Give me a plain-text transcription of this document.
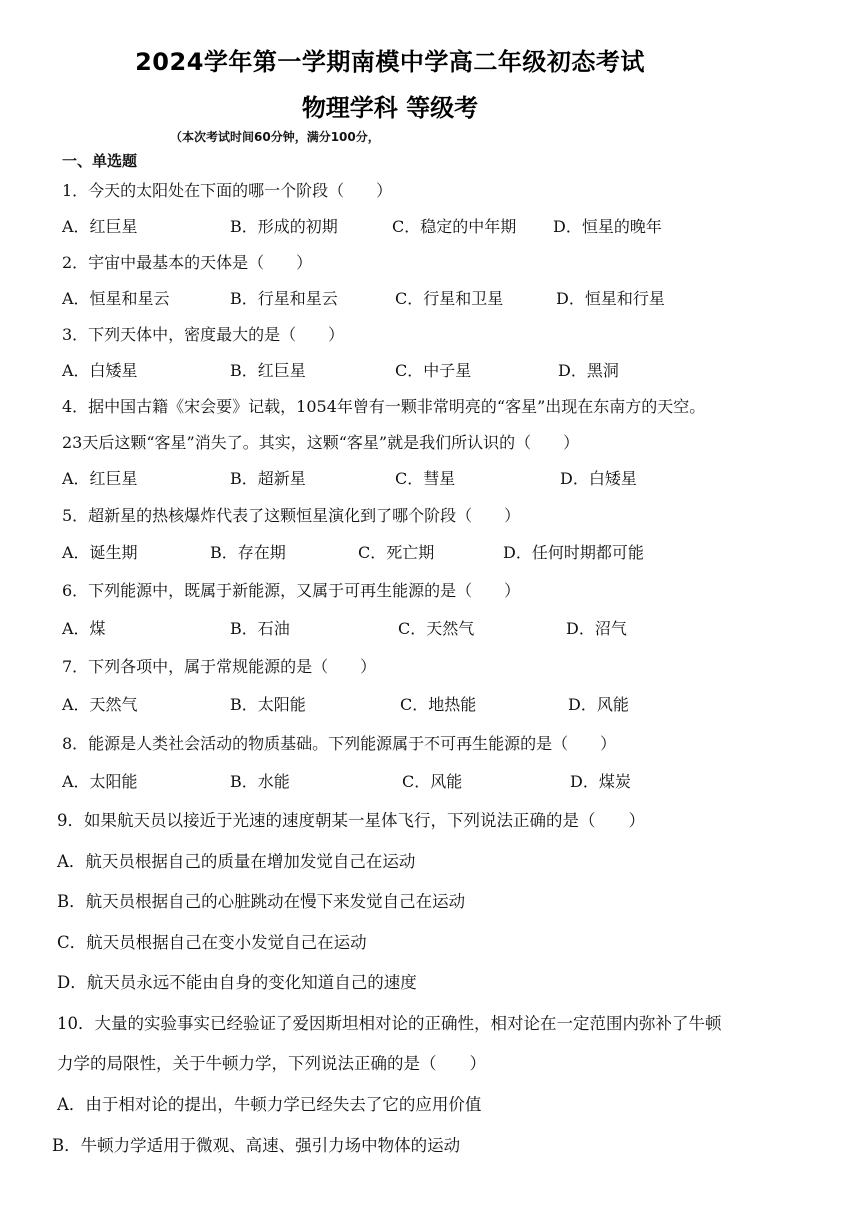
2024学年第一学期南模中学高二年级初态考试
物理学科 等级考
（本次考试时间60分钟，满分100分，
一、单选题
1．今天的太阳处在下面的哪一个阶段（　　）
A．红巨星	B．形成的初期	C．稳定的中年期 D．恒星的晚年
2．宇宙中最基本的天体是（　　）
A．恒星和星云	B．行星和星云	C．行星和卫星	D．恒星和行星
3．下列天体中，密度最大的是（　　）
A．白矮星	B．红巨星	C．中子星	D．黑洞
4．据中国古籍《宋会要》记载，1054年曾有一颗非常明亮的“客星”出现在东南方的天空。
23天后这颗“客星”消失了。其实，这颗“客星”就是我们所认识的（　　）
A．红巨星	B．超新星	C．彗星	D．白矮星
5．超新星的热核爆炸代表了这颗恒星演化到了哪个阶段（　　）
A．诞生期	B．存在期	C．死亡期	D．任何时期都可能
6．下列能源中，既属于新能源，又属于可再生能源的是（　　）
A．煤	B．石油	C．天然气	D．沼气
7．下列各项中，属于常规能源的是（　　）
A．天然气	B．太阳能	C．地热能	D．风能
8．能源是人类社会活动的物质基础。下列能源属于不可再生能源的是（　　）
A．太阳能	B．水能	C．风能	D．煤炭
9．如果航天员以接近于光速的速度朝某一星体飞行，下列说法正确的是（　　）
A．航天员根据自己的质量在增加发觉自己在运动
B．航天员根据自己的心脏跳动在慢下来发觉自己在运动
C．航天员根据自己在变小发觉自己在运动
D．航天员永远不能由自身的变化知道自己的速度
10．大量的实验事实已经验证了爱因斯坦相对论的正确性，相对论在一定范围内弥补了牛顿
力学的局限性，关于牛顿力学，下列说法正确的是（　　）
A．由于相对论的提出，牛顿力学已经失去了它的应用价值
B．牛顿力学适用于微观、高速、强引力场中物体的运动
